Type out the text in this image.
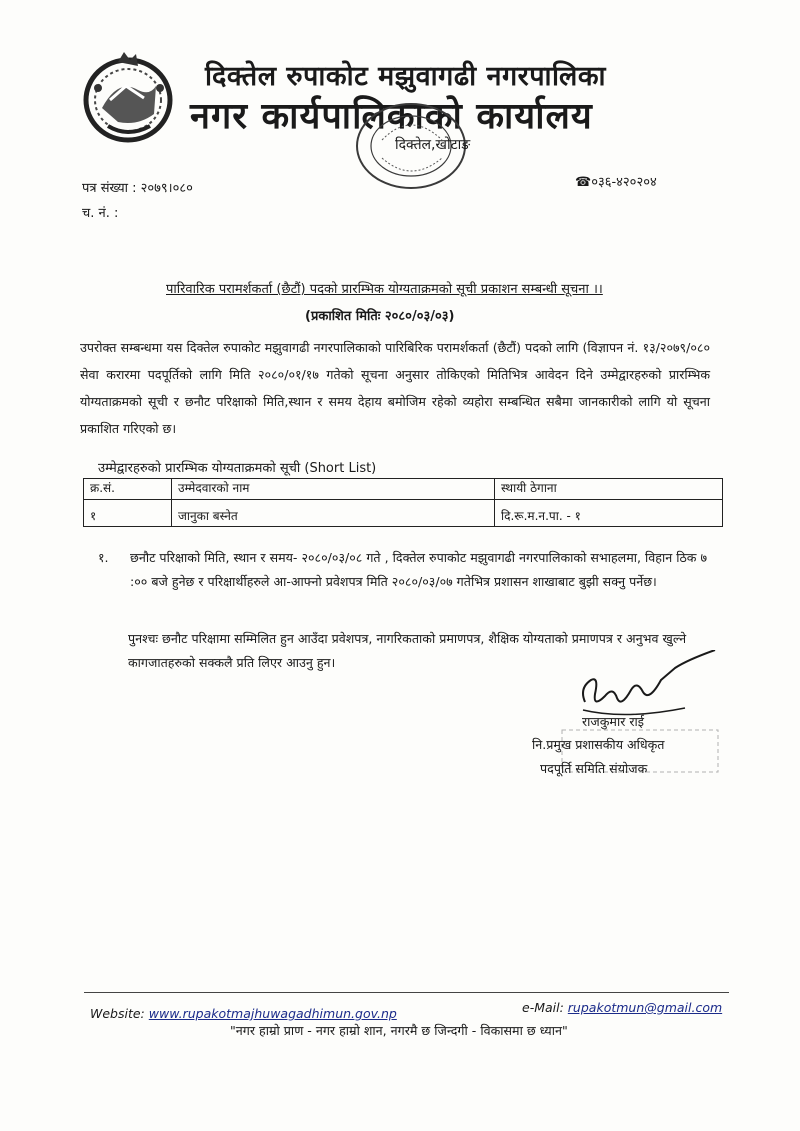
दिक्तेल रुपाकोट मझुवागढी नगरपालिका
नगर कार्यपालिकाको कार्यालय
दिक्तेल,खोटाङ
पत्र संख्या : २०७९।०८०
च. नं. :
☎०३६-४२०२०४
पारिवारिक परामर्शकर्ता (छैटौं) पदको प्रारम्भिक योग्यताक्रमको सूची प्रकाशन सम्बन्धी सूचना ।।
(प्रकाशित मितिः २०८०/०३/०३)
उपरोक्त सम्बन्धमा यस दिक्तेल रुपाकोट मझुवागढी नगरपालिकाको पारिबिरिक परामर्शकर्ता (छैटौं) पदको लागि (विज्ञापन नं. १३/२०७९/०८० सेवा करारमा पदपूर्तिको लागि मिति २०८०/०१/१७ गतेको सूचना अनुसार तोकिएको मितिभित्र आवेदन दिने उम्मेद्वारहरुको प्रारम्भिक योग्यताक्रमको सूची र छनौट परिक्षाको मिति,स्थान र समय देहाय बमोजिम रहेको व्यहोरा सम्बन्धित सबैमा जानकारीको लागि यो सूचना प्रकाशित गरिएको छ।
उम्मेद्वारहरुको प्रारम्भिक योग्यताक्रमको सूची (Short List)
क्र.सं.	उम्मेदवारको नाम	स्थायी ठेगाना
१	जानुका बस्नेत	दि.रू.म.न.पा. - १
१. छनौट परिक्षाको मिति, स्थान र समय- २०८०/०३/०८ गते , दिक्तेल रुपाकोट मझुवागढी नगरपालिकाको सभाहलमा, विहान ठिक ७ :०० बजे हुनेछ र परिक्षार्थीहरुले आ-आफ्नो प्रवेशपत्र मिति २०८०/०३/०७ गतेभित्र प्रशासन शाखाबाट बुझी सक्नु पर्नेछ।
पुनश्चः छनौट परिक्षामा सम्मिलित हुन आउँदा प्रवेशपत्र, नागरिकताको प्रमाणपत्र, शैक्षिक योग्यताको प्रमाणपत्र र अनुभव खुल्ने कागजातहरुको सक्कलै प्रति लिएर आउनु हुन।
राजकुमार राई
नि.प्रमुख प्रशासकीय अधिकृत
पदपूर्ति समिति संयोजक
Website: www.rupakotmajhuwagadhimun.gov.np	e-Mail: rupakotmun@gmail.com
"नगर हाम्रो प्राण - नगर हाम्रो शान, नगरमै छ जिन्दगी - विकासमा छ ध्यान"
